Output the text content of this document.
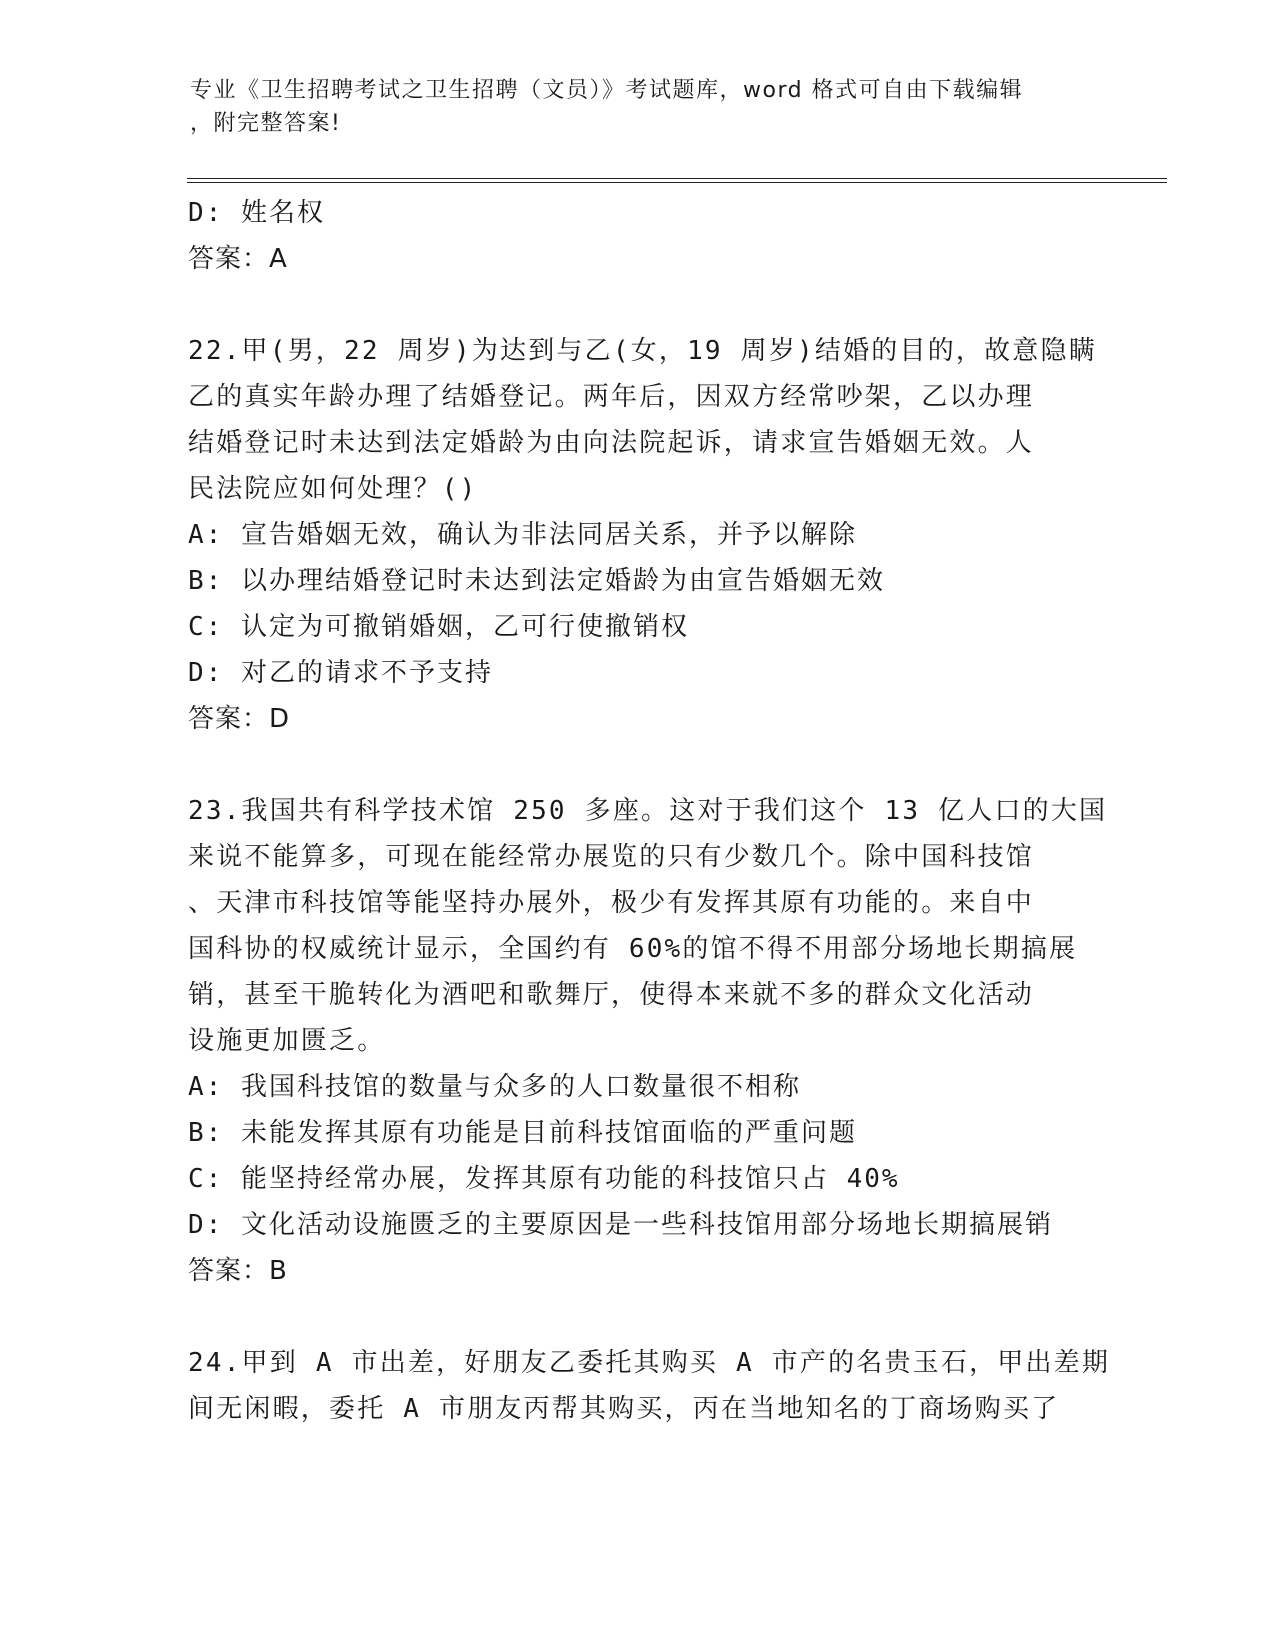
专业《卫生招聘考试之卫生招聘（文员）》考试题库，word 格式可自由下载编辑
，附完整答案!
D: 姓名权
答案：A
22.甲(男，22 周岁)为达到与乙(女，19 周岁)结婚的目的，故意隐瞒
乙的真实年龄办理了结婚登记。两年后，因双方经常吵架，乙以办理
结婚登记时未达到法定婚龄为由向法院起诉，请求宣告婚姻无效。人
民法院应如何处理？()
A: 宣告婚姻无效，确认为非法同居关系，并予以解除
B: 以办理结婚登记时未达到法定婚龄为由宣告婚姻无效
C: 认定为可撤销婚姻，乙可行使撤销权
D: 对乙的请求不予支持
答案：D
23.我国共有科学技术馆 250 多座。这对于我们这个 13 亿人口的大国
来说不能算多，可现在能经常办展览的只有少数几个。除中国科技馆
、天津市科技馆等能坚持办展外，极少有发挥其原有功能的。来自中
国科协的权威统计显示，全国约有 60%的馆不得不用部分场地长期搞展
销，甚至干脆转化为酒吧和歌舞厅，使得本来就不多的群众文化活动
设施更加匮乏。
A: 我国科技馆的数量与众多的人口数量很不相称
B: 未能发挥其原有功能是目前科技馆面临的严重问题
C: 能坚持经常办展，发挥其原有功能的科技馆只占 40%
D: 文化活动设施匮乏的主要原因是一些科技馆用部分场地长期搞展销
答案：B
24.甲到 A 市出差，好朋友乙委托其购买 A 市产的名贵玉石，甲出差期
间无闲暇，委托 A 市朋友丙帮其购买，丙在当地知名的丁商场购买了
